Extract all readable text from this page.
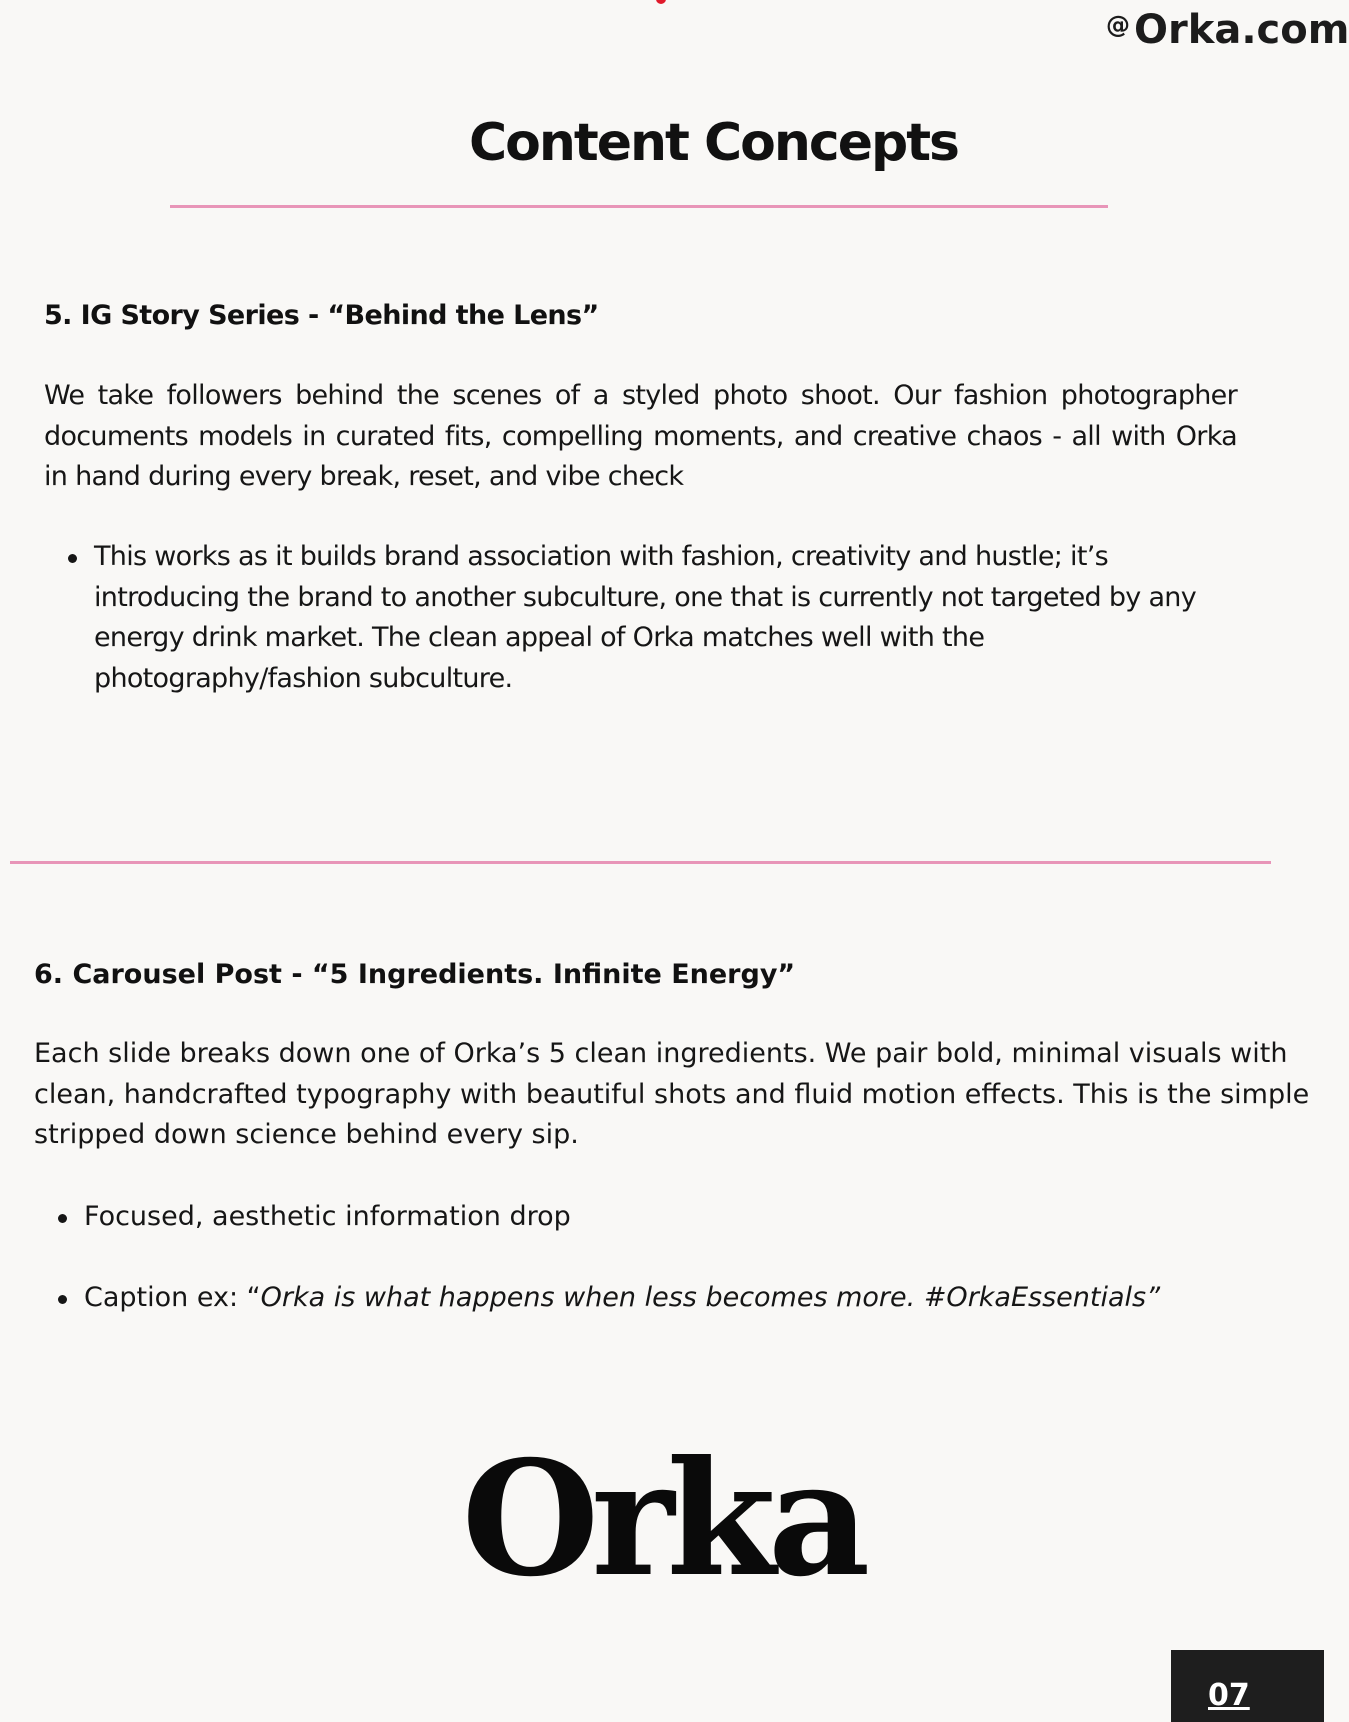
@ Orka.com
Content Concepts
5. IG Story Series - “Behind the Lens”

We take followers behind the scenes of a styled photo shoot. Our fashion photographer documents models in curated fits, compelling moments, and creative chaos - all with Orka in hand during every break, reset, and vibe check

This works as it builds brand association with fashion, creativity and hustle; it’s introducing the brand to another subculture, one that is currently not targeted by any energy drink market. The clean appeal of Orka matches well with the photography/fashion subculture.
6. Carousel Post - “5 Ingredients. Infinite Energy”

Each slide breaks down one of Orka’s 5 clean ingredients. We pair bold, minimal visuals with clean, handcrafted typography with beautiful shots and fluid motion effects. This is the simple stripped down science behind every sip.

Focused, aesthetic information drop
Caption ex: “Orka is what happens when less becomes more. #OrkaEssentials”
Orka
07
